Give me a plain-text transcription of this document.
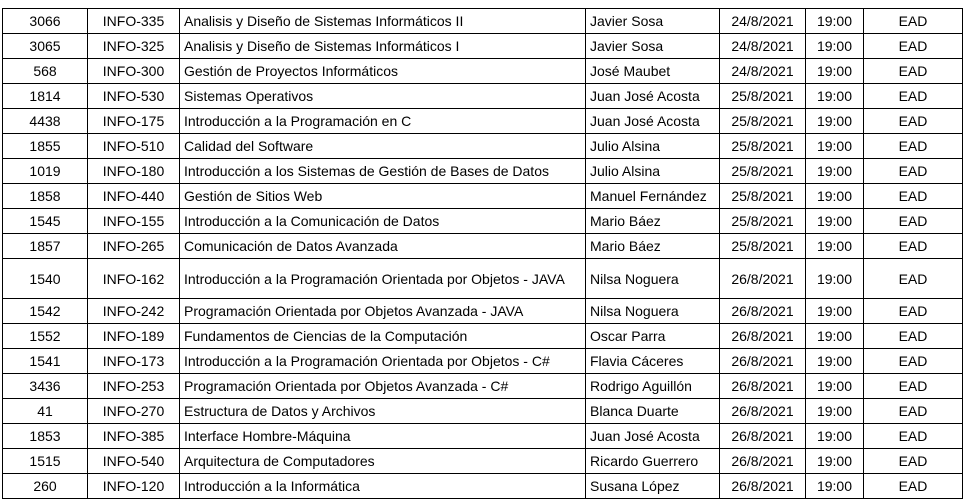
3066	INFO-335	Analisis y Diseño de Sistemas Informáticos II	Javier Sosa	24/8/2021	19:00	EAD
3065	INFO-325	Analisis y Diseño de Sistemas Informáticos I	Javier Sosa	24/8/2021	19:00	EAD
568	INFO-300	Gestión de Proyectos Informáticos	José Maubet	24/8/2021	19:00	EAD
1814	INFO-530	Sistemas Operativos	Juan José Acosta	25/8/2021	19:00	EAD
4438	INFO-175	Introducción a la Programación en C	Juan José Acosta	25/8/2021	19:00	EAD
1855	INFO-510	Calidad del Software	Julio Alsina	25/8/2021	19:00	EAD
1019	INFO-180	Introducción a los Sistemas de Gestión de Bases de Datos	Julio Alsina	25/8/2021	19:00	EAD
1858	INFO-440	Gestión de Sitios Web	Manuel Fernández	25/8/2021	19:00	EAD
1545	INFO-155	Introducción a la Comunicación de Datos	Mario Báez	25/8/2021	19:00	EAD
1857	INFO-265	Comunicación de Datos Avanzada	Mario Báez	25/8/2021	19:00	EAD
1540	INFO-162	Introducción a la Programación Orientada por Objetos - JAVA	Nilsa Noguera	26/8/2021	19:00	EAD
1542	INFO-242	Programación Orientada por Objetos Avanzada - JAVA	Nilsa Noguera	26/8/2021	19:00	EAD
1552	INFO-189	Fundamentos de Ciencias de la Computación	Oscar Parra	26/8/2021	19:00	EAD
1541	INFO-173	Introducción a la Programación Orientada por Objetos - C#	Flavia Cáceres	26/8/2021	19:00	EAD
3436	INFO-253	Programación Orientada por Objetos Avanzada - C#	Rodrigo Aguillón	26/8/2021	19:00	EAD
41	INFO-270	Estructura de Datos y Archivos	Blanca Duarte	26/8/2021	19:00	EAD
1853	INFO-385	Interface Hombre-Máquina	Juan José Acosta	26/8/2021	19:00	EAD
1515	INFO-540	Arquitectura de Computadores	Ricardo Guerrero	26/8/2021	19:00	EAD
260	INFO-120	Introducción a la Informática	Susana López	26/8/2021	19:00	EAD
